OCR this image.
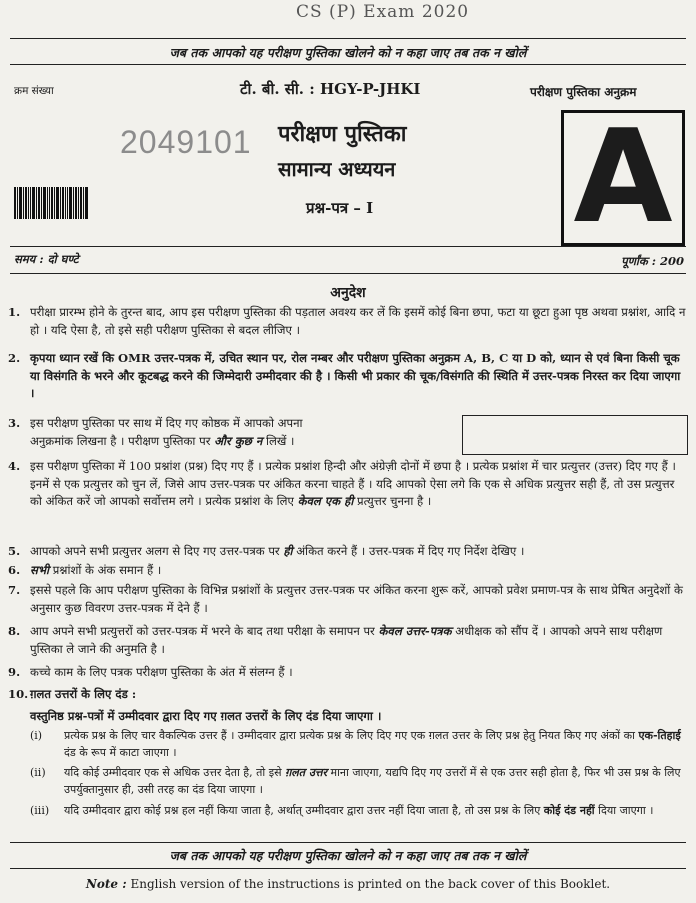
CS (P) Exam 2020
जब तक आपको यह परीक्षण पुस्तिका खोलने को न कहा जाए तब तक न खोलें
क्रम संख्या	टी. बी. सी. : HGY-P-JHKI	परीक्षण पुस्तिका अनुक्रम
2049101 परीक्षण पुस्तिका
सामान्य अध्ययन
प्रश्न-पत्र – I A
समय : दो घण्टे	पूर्णांक : 200
अनुदेश
1. परीक्षा प्रारम्भ होने के तुरन्त बाद, आप इस परीक्षण पुस्तिका की पड़ताल अवश्य कर लें कि इसमें कोई बिना छपा, फटा या छूटा हुआ पृष्ठ अथवा प्रश्नांश, आदि न हो । यदि ऐसा है, तो इसे सही परीक्षण पुस्तिका से बदल लीजिए ।
2. कृपया ध्यान रखें कि OMR उत्तर-पत्रक में, उचित स्थान पर, रोल नम्बर और परीक्षण पुस्तिका अनुक्रम A, B, C या D को, ध्यान से एवं बिना किसी चूक या विसंगति के भरने और कूटबद्ध करने की जिम्मेदारी उम्मीदवार की है । किसी भी प्रकार की चूक/विसंगति की स्थिति में उत्तर-पत्रक निरस्त कर दिया जाएगा ।
3. इस परीक्षण पुस्तिका पर साथ में दिए गए कोष्ठक में आपको अपना
अनुक्रमांक लिखना है । परीक्षण पुस्तिका पर और कुछ न लिखें ।
4. इस परीक्षण पुस्तिका में 100 प्रश्नांश (प्रश्न) दिए गए हैं । प्रत्येक प्रश्नांश हिन्दी और अंग्रेज़ी दोनों में छपा है । प्रत्येक प्रश्नांश में चार प्रत्युत्तर (उत्तर) दिए गए हैं । इनमें से एक प्रत्युत्तर को चुन लें, जिसे आप उत्तर-पत्रक पर अंकित करना चाहते हैं । यदि आपको ऐसा लगे कि एक से अधिक प्रत्युत्तर सही हैं, तो उस प्रत्युत्तर को अंकित करें जो आपको सर्वोत्तम लगे । प्रत्येक प्रश्नांश के लिए केवल एक ही प्रत्युत्तर चुनना है ।
5. आपको अपने सभी प्रत्युत्तर अलग से दिए गए उत्तर-पत्रक पर ही अंकित करने हैं । उत्तर-पत्रक में दिए गए निर्देश देखिए ।
6. सभी प्रश्नांशों के अंक समान हैं ।
7. इससे पहले कि आप परीक्षण पुस्तिका के विभिन्न प्रश्नांशों के प्रत्युत्तर उत्तर-पत्रक पर अंकित करना शुरू करें, आपको प्रवेश प्रमाण-पत्र के साथ प्रेषित अनुदेशों के अनुसार कुछ विवरण उत्तर-पत्रक में देने हैं ।
8. आप अपने सभी प्रत्युत्तरों को उत्तर-पत्रक में भरने के बाद तथा परीक्षा के समापन पर केवल उत्तर-पत्रक अधीक्षक को सौंप दें । आपको अपने साथ परीक्षण पुस्तिका ले जाने की अनुमति है ।
9. कच्चे काम के लिए पत्रक परीक्षण पुस्तिका के अंत में संलग्न हैं ।
10. ग़लत उत्तरों के लिए दंड :
वस्तुनिष्ठ प्रश्न-पत्रों में उम्मीदवार द्वारा दिए गए ग़लत उत्तरों के लिए दंड दिया जाएगा ।
(i) प्रत्येक प्रश्न के लिए चार वैकल्पिक उत्तर हैं । उम्मीदवार द्वारा प्रत्येक प्रश्न के लिए दिए गए एक ग़लत उत्तर के लिए प्रश्न हेतु नियत किए गए अंकों का एक-तिहाई दंड के रूप में काटा जाएगा ।
(ii) यदि कोई उम्मीदवार एक से अधिक उत्तर देता है, तो इसे ग़लत उत्तर माना जाएगा, यद्यपि दिए गए उत्तरों में से एक उत्तर सही होता है, फिर भी उस प्रश्न के लिए उपर्युक्तानुसार ही, उसी तरह का दंड दिया जाएगा ।
(iii) यदि उम्मीदवार द्वारा कोई प्रश्न हल नहीं किया जाता है, अर्थात् उम्मीदवार द्वारा उत्तर नहीं दिया जाता है, तो उस प्रश्न के लिए कोई दंड नहीं दिया जाएगा ।
जब तक आपको यह परीक्षण पुस्तिका खोलने को न कहा जाए तब तक न खोलें
Note : English version of the instructions is printed on the back cover of this Booklet.
